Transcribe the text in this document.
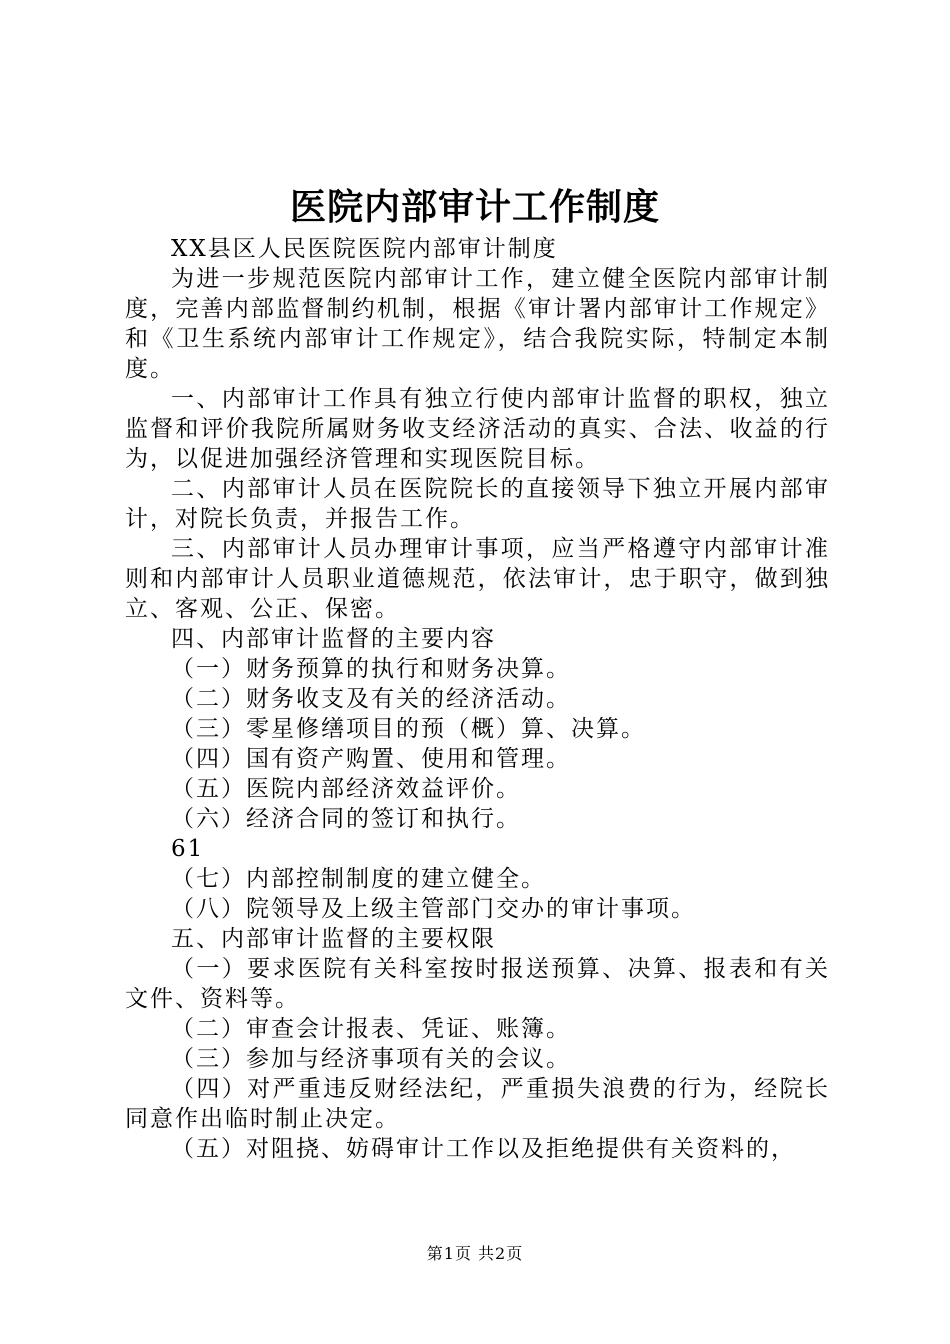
医院内部审计工作制度

XX县区人民医院医院内部审计制度

为进一步规范医院内部审计工作，建立健全医院内部审计制度，完善内部监督制约机制，根据《审计署内部审计工作规定》和《卫生系统内部审计工作规定》，结合我院实际，特制定本制度。

一、内部审计工作具有独立行使内部审计监督的职权，独立监督和评价我院所属财务收支经济活动的真实、合法、收益的行为，以促进加强经济管理和实现医院目标。

二、内部审计人员在医院院长的直接领导下独立开展内部审计，对院长负责，并报告工作。

三、内部审计人员办理审计事项，应当严格遵守内部审计准则和内部审计人员职业道德规范，依法审计，忠于职守，做到独立、客观、公正、保密。

四、内部审计监督的主要内容

（一）财务预算的执行和财务决算。

（二）财务收支及有关的经济活动。

（三）零星修缮项目的预（概）算、决算。

（四）国有资产购置、使用和管理。

（五）医院内部经济效益评价。

（六）经济合同的签订和执行。

61

（七）内部控制制度的建立健全。

（八）院领导及上级主管部门交办的审计事项。

五、内部审计监督的主要权限

（一）要求医院有关科室按时报送预算、决算、报表和有关文件、资料等。

（二）审查会计报表、凭证、账簿。

（三）参加与经济事项有关的会议。

（四）对严重违反财经法纪，严重损失浪费的行为，经院长同意作出临时制止决定。

（五）对阻挠、妨碍审计工作以及拒绝提供有关资料的，

第1页 共2页
